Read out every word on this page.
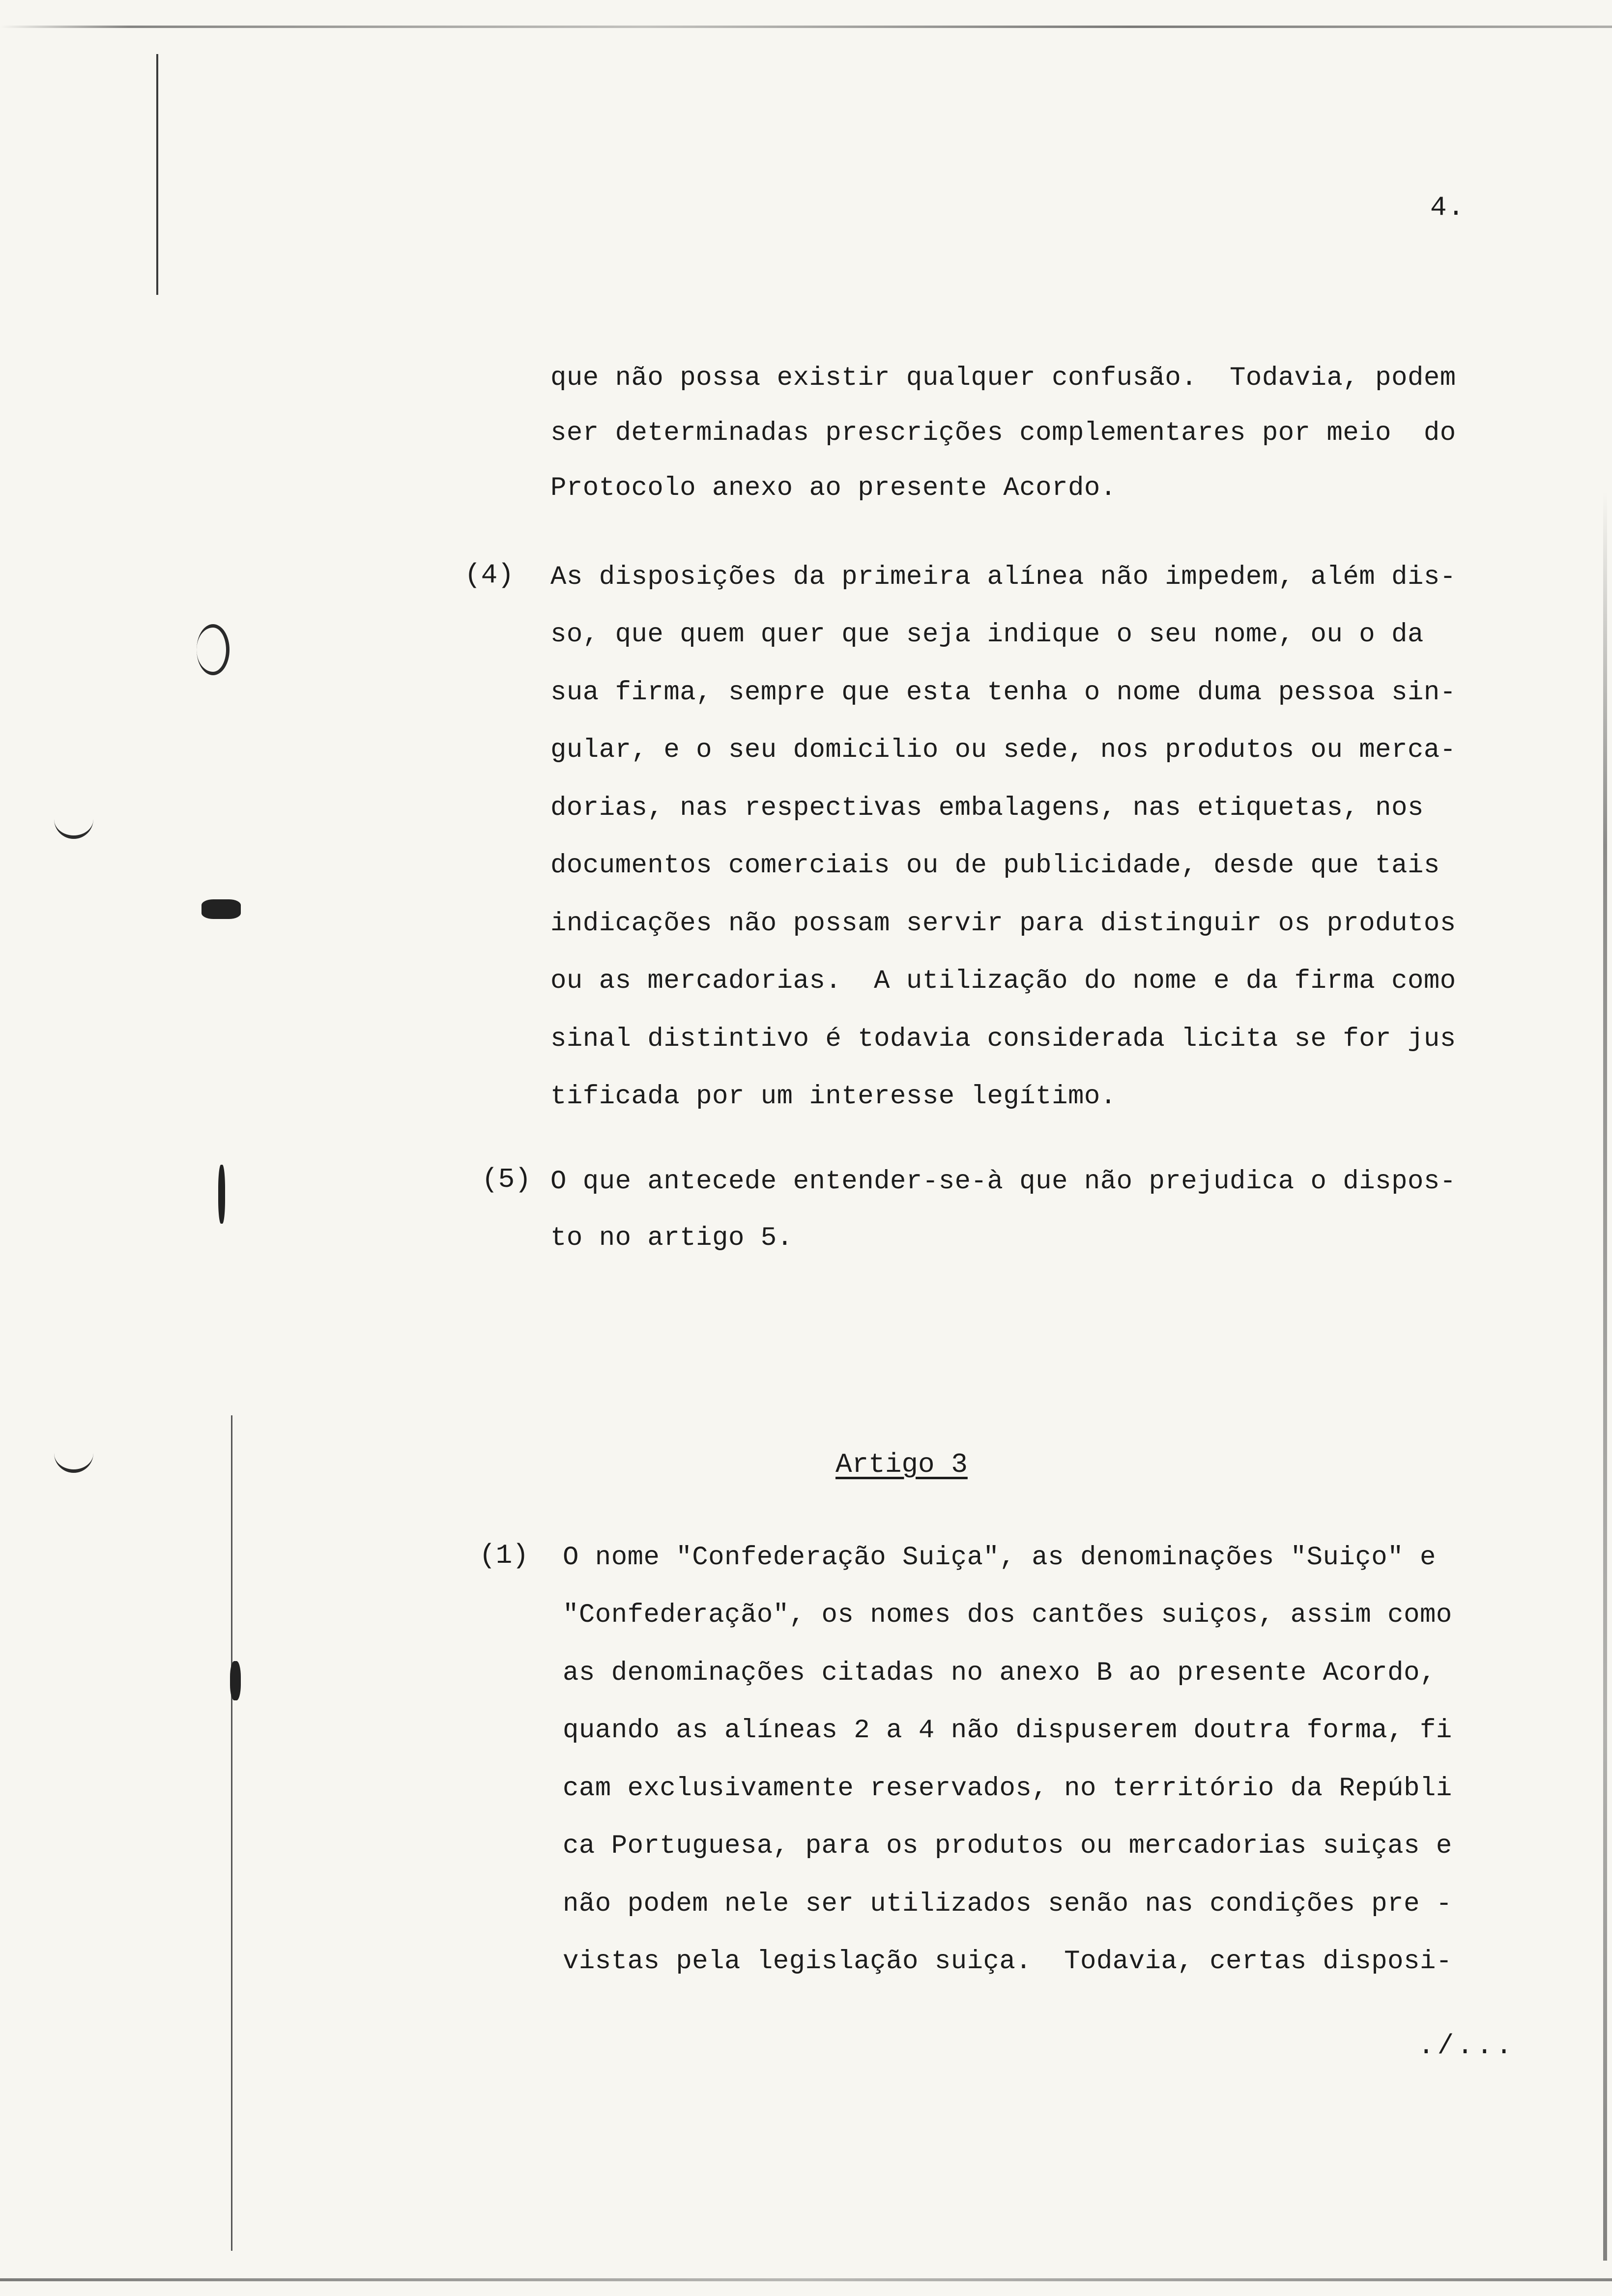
4.
que não possa existir qualquer confusão.  Todavia, podem
ser determinadas prescrições complementares por meio  do
Protocolo anexo ao presente Acordo.
(4) As disposições da primeira alínea não impedem, além dis-
so, que quem quer que seja indique o seu nome, ou o da
sua firma, sempre que esta tenha o nome duma pessoa sin-
gular, e o seu domicilio ou sede, nos produtos ou merca-
dorias, nas respectivas embalagens, nas etiquetas, nos
documentos comerciais ou de publicidade, desde que tais
indicações não possam servir para distinguir os produtos
ou as mercadorias.  A utilização do nome e da firma como
sinal distintivo é todavia considerada licita se for jus
tificada por um interesse legítimo.
(5) O que antecede entender-se-à que não prejudica o dispos-
to no artigo 5.
Artigo 3
(1) O nome "Confederação Suiça", as denominações "Suiço" e
"Confederação", os nomes dos cantões suiços, assim como
as denominações citadas no anexo B ao presente Acordo,
quando as alíneas 2 a 4 não dispuserem doutra forma, fi
cam exclusivamente reservados, no território da Repúbli
ca Portuguesa, para os produtos ou mercadorias suiças e
não podem nele ser utilizados senão nas condições pre -
vistas pela legislação suiça.  Todavia, certas disposi-
./...
